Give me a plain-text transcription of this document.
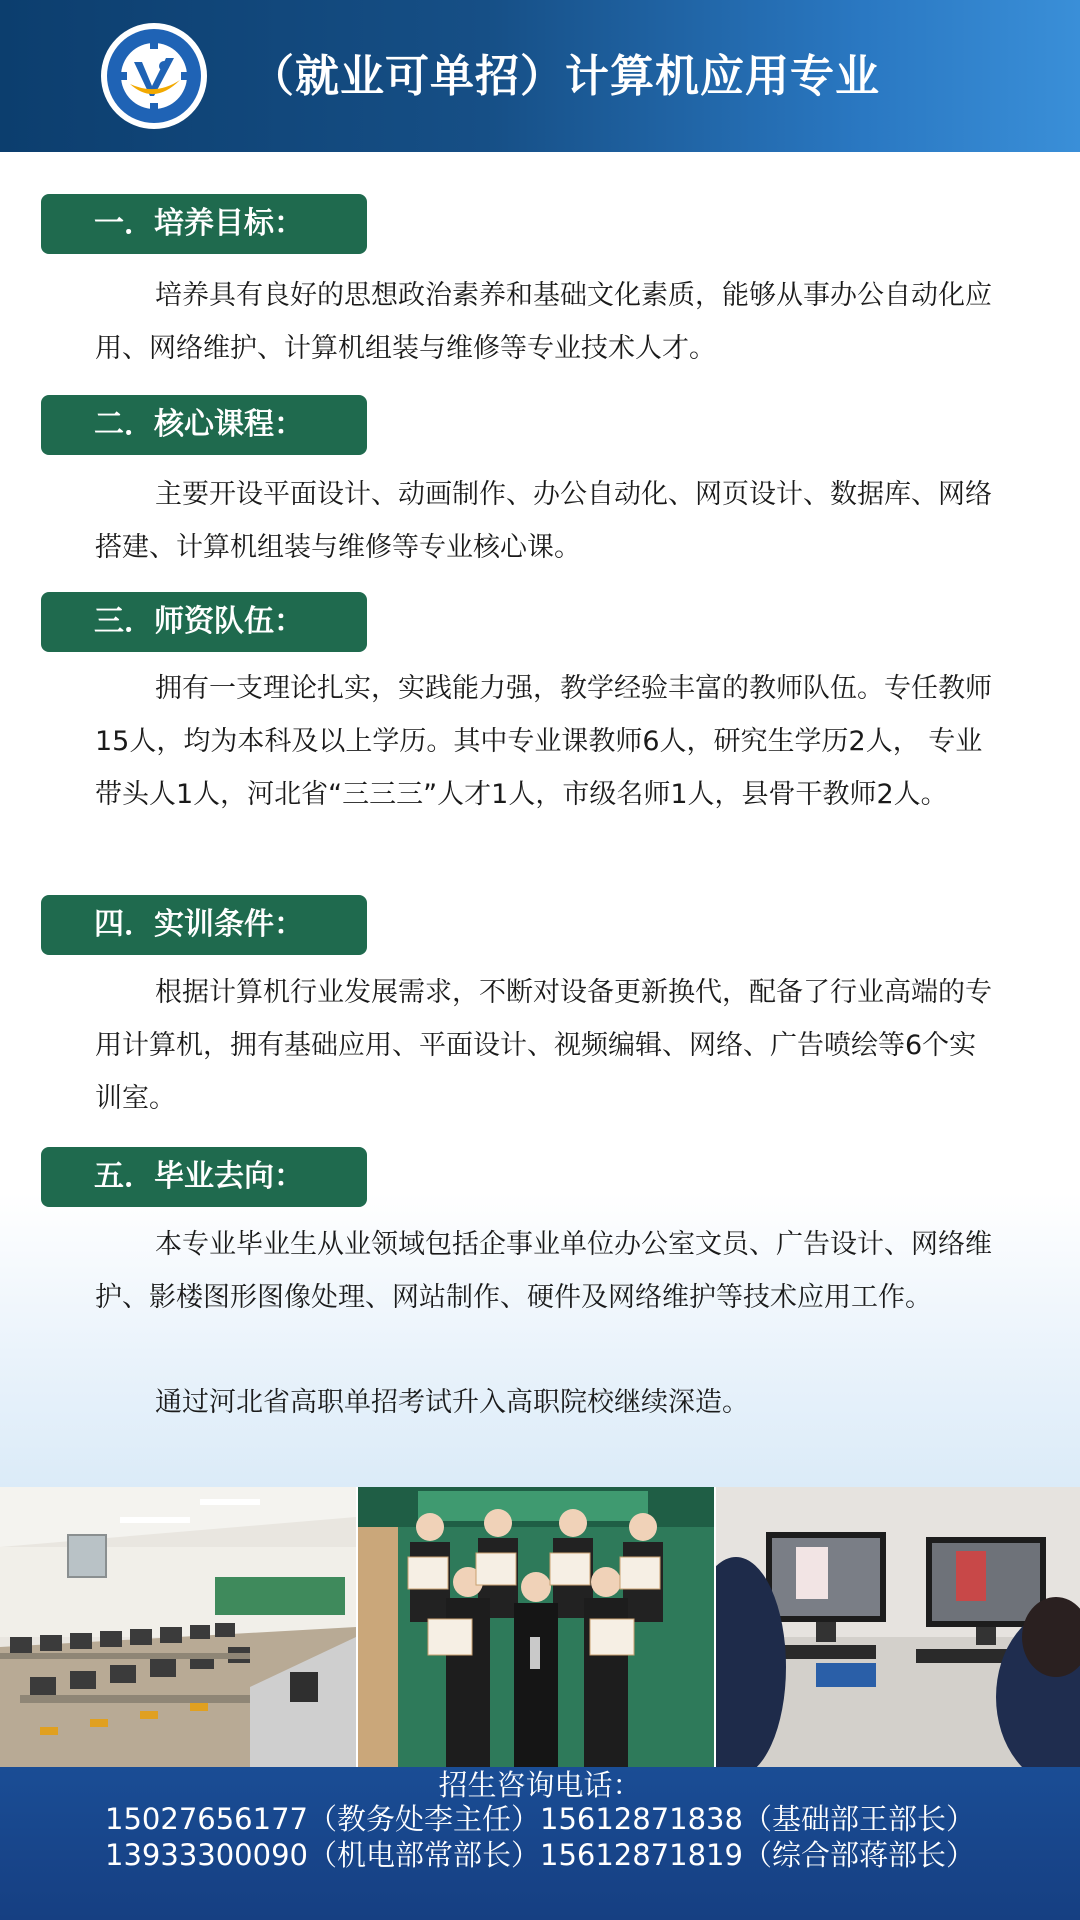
（就业可单招）计算机应用专业
一．培养目标：

培养具有良好的思想政治素养和基础文化素质，能够从事办公自动化应用、网络维护、计算机组装与维修等专业技术人才。

二．核心课程：

主要开设平面设计、动画制作、办公自动化、网页设计、数据库、网络搭建、计算机组装与维修等专业核心课。

三．师资队伍：

拥有一支理论扎实，实践能力强，教学经验丰富的教师队伍。专任教师15人，均为本科及以上学历。其中专业课教师6人，研究生学历2人， 专业带头人1人，河北省“三三三”人才1人，市级名师1人，县骨干教师2人。

四．实训条件：

根据计算机行业发展需求，不断对设备更新换代，配备了行业高端的专用计算机，拥有基础应用、平面设计、视频编辑、网络、广告喷绘等6个实训室。

五．毕业去向：

本专业毕业生从业领域包括企事业单位办公室文员、广告设计、网络维护、影楼图形图像处理、网站制作、硬件及网络维护等技术应用工作。

通过河北省高职单招考试升入高职院校继续深造。

招生咨询电话：
15027656177（教务处李主任）15612871838（基础部王部长）
13933300090（机电部常部长）15612871819（综合部蒋部长）
